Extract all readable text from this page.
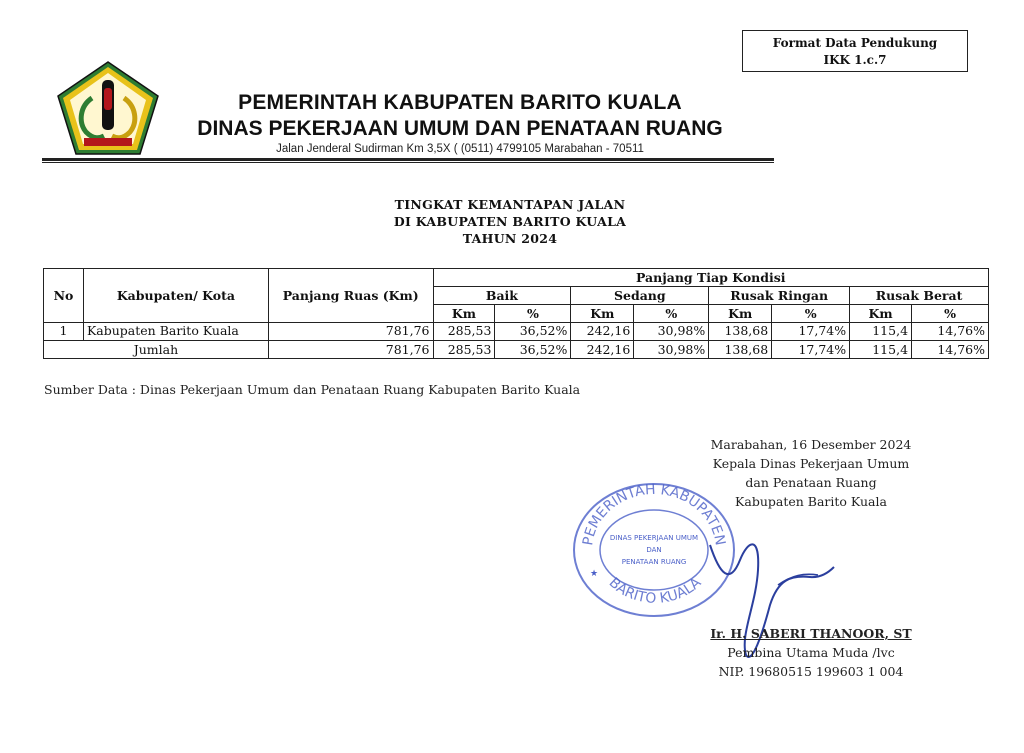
Format Data Pendukung
IKK 1.c.7
PEMERINTAH KABUPATEN BARITO KUALA
DINAS PEKERJAAN UMUM DAN PENATAAN RUANG
Jalan Jenderal Sudirman Km 3,5X ( (0511) 4799105 Marabahan - 70511
TINGKAT KEMANTAPAN JALAN
DI KABUPATEN BARITO KUALA
TAHUN 2024
No	Kabupaten/ Kota	Panjang Ruas (Km)	Panjang Tiap Kondisi							
			Baik		Sedang		Rusak Ringan		Rusak Berat	
			Km	%	Km	%	Km	%	Km	%
1	Kabupaten Barito Kuala	781,76	285,53	36,52%	242,16	30,98%	138,68	17,74%	115,4	14,76%
Jumlah		781,76	285,53	36,52%	242,16	30,98%	138,68	17,74%	115,4	14,76%
Sumber Data : Dinas Pekerjaan Umum dan Penataan Ruang Kabupaten Barito Kuala
Marabahan, 16 Desember 2024
Kepala Dinas Pekerjaan Umum
dan Penataan Ruang
Kabupaten Barito Kuala
PEMERINTAH KABUPATEN
BARITO KUALA
DINAS PEKERJAAN UMUM
DAN
PENATAAN RUANG
★
Ir. H. SABERI THANOOR, ST
Pembina Utama Muda /lvc
NIP. 19680515 199603 1 004
